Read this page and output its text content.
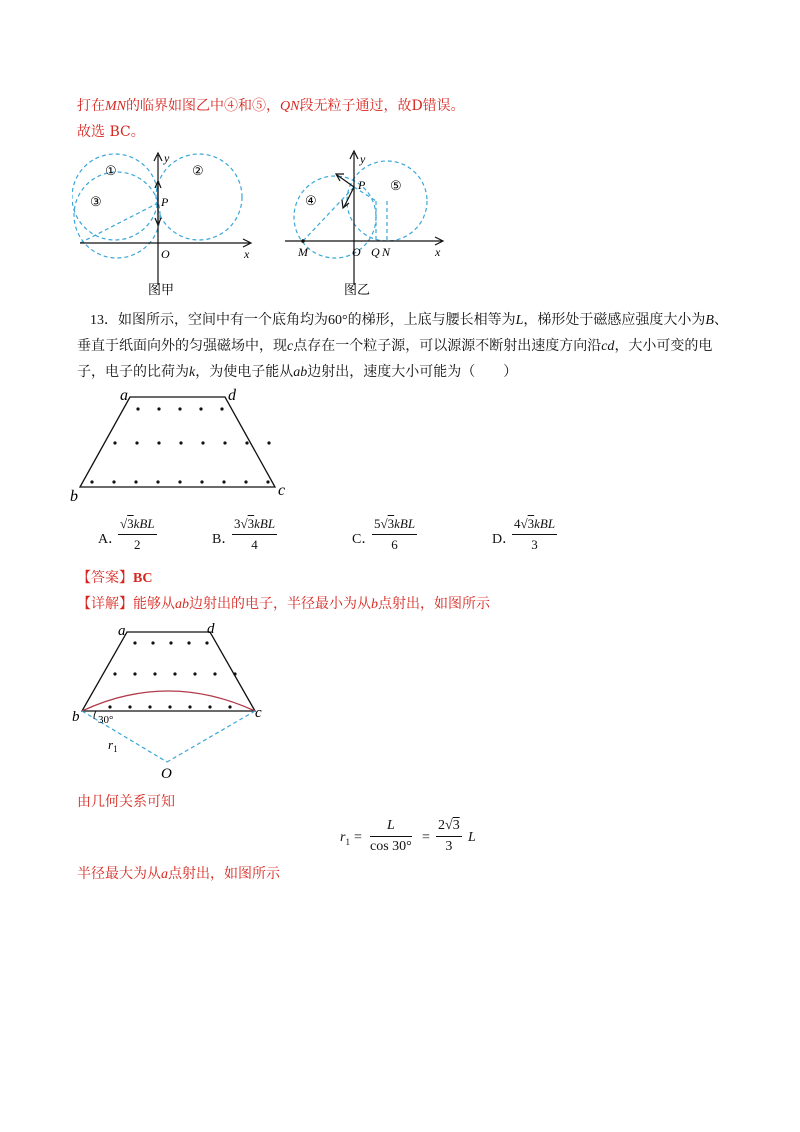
打在MN的临界如图乙中④和⑤，QN段无粒子通过，故D错误。
故选 BC。
y
x
O
P
①	②
③
图甲
y
x
O
P
M	Q N
④
⑤
图乙
13．如图所示，空间中有一个底角均为60°的梯形，上底与腰长相等为L，梯形处于磁感应强度大小为B、
垂直于纸面向外的匀强磁场中，现c点存在一个粒子源，可以源源不断射出速度方向沿cd，大小可变的电
子，电子的比荷为k，为使电子能从ab边射出，速度大小可能为（　　）
a	d
b	c
A．
√3kBL
2	B．
3√3kBL
4	C．
5√3kBL
6	D．
4√3kBL
3
【答案】BC
【详解】能够从ab边射出的电子，半径最小为从b点射出，如图所示
a	d
b	c
30°
$r_1$
O
由几何关系可知
$r_1 = \frac{L}{\cos 30^\circ}$ =
2√3
3
L
半径最大为从a点射出，如图所示
